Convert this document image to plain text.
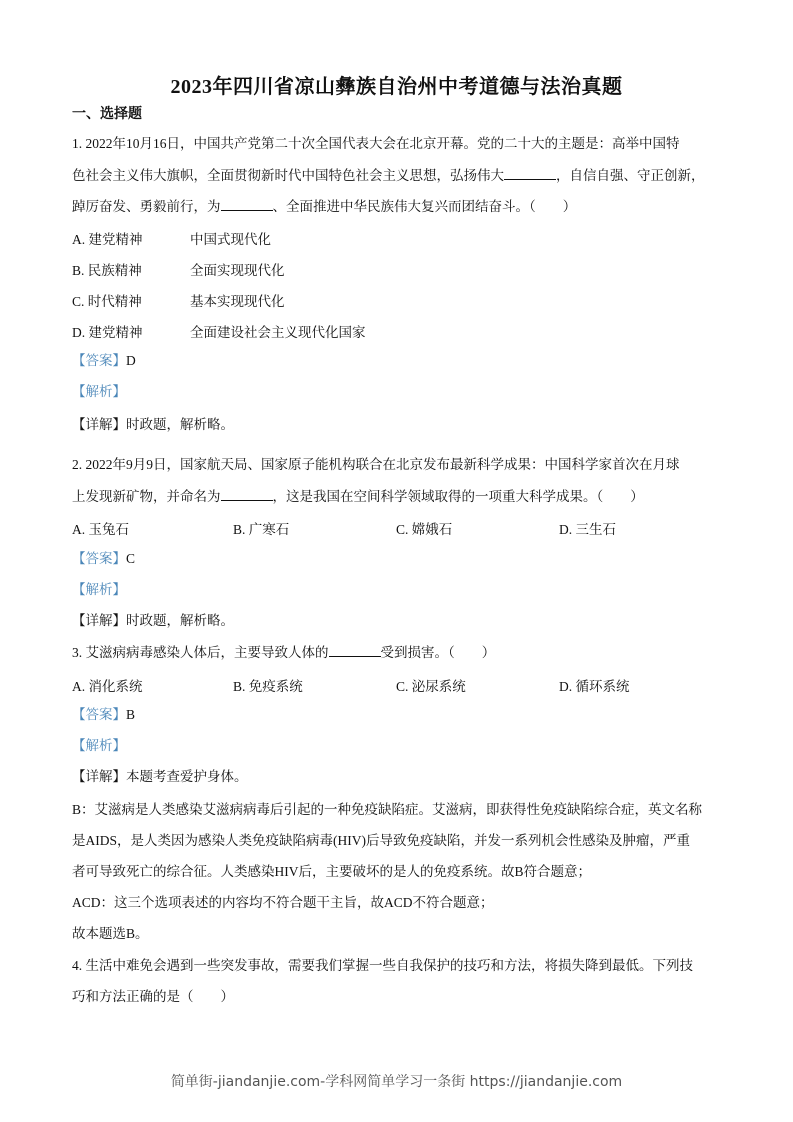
2023年四川省凉山彝族自治州中考道德与法治真题
一、选择题
1. 2022年10月16日，中国共产党第二十次全国代表大会在北京开幕。党的二十大的主题是：高举中国特
色社会主义伟大旗帜，全面贯彻新时代中国特色社会主义思想，弘扬伟大	，自信自强、守正创新，
踔厉奋发、勇毅前行，为	、全面推进中华民族伟大复兴而团结奋斗。（　　）
A. 建党精神	中国式现代化
B. 民族精神	全面实现现代化
C. 时代精神	基本实现现代化
D. 建党精神	全面建设社会主义现代化国家
【答案】D
【解析】
【详解】时政题，解析略。
2. 2022年9月9日，国家航天局、国家原子能机构联合在北京发布最新科学成果：中国科学家首次在月球
上发现新矿物，并命名为	，这是我国在空间科学领域取得的一项重大科学成果。（　　）
A. 玉兔石	B. 广寒石	C. 嫦娥石	D. 三生石
【答案】C
【解析】
【详解】时政题，解析略。
3. 艾滋病病毒感染人体后，主要导致人体的	受到损害。（　　）
A. 消化系统	B. 免疫系统	C. 泌尿系统	D. 循环系统
【答案】B
【解析】
【详解】本题考查爱护身体。
B：艾滋病是人类感染艾滋病病毒后引起的一种免疫缺陷症。艾滋病，即获得性免疫缺陷综合症，英文名称
是AIDS，是人类因为感染人类免疫缺陷病毒(HIV)后导致免疫缺陷，并发一系列机会性感染及肿瘤，严重
者可导致死亡的综合征。人类感染HIV后，主要破坏的是人的免疫系统。故B符合题意；
ACD：这三个选项表述的内容均不符合题干主旨，故ACD不符合题意；
故本题选B。
4. 生活中难免会遇到一些突发事故，需要我们掌握一些自我保护的技巧和方法，将损失降到最低。下列技
巧和方法正确的是（　　）
简单街-jiandanjie.com-学科网简单学习一条街 https://jiandanjie.com
